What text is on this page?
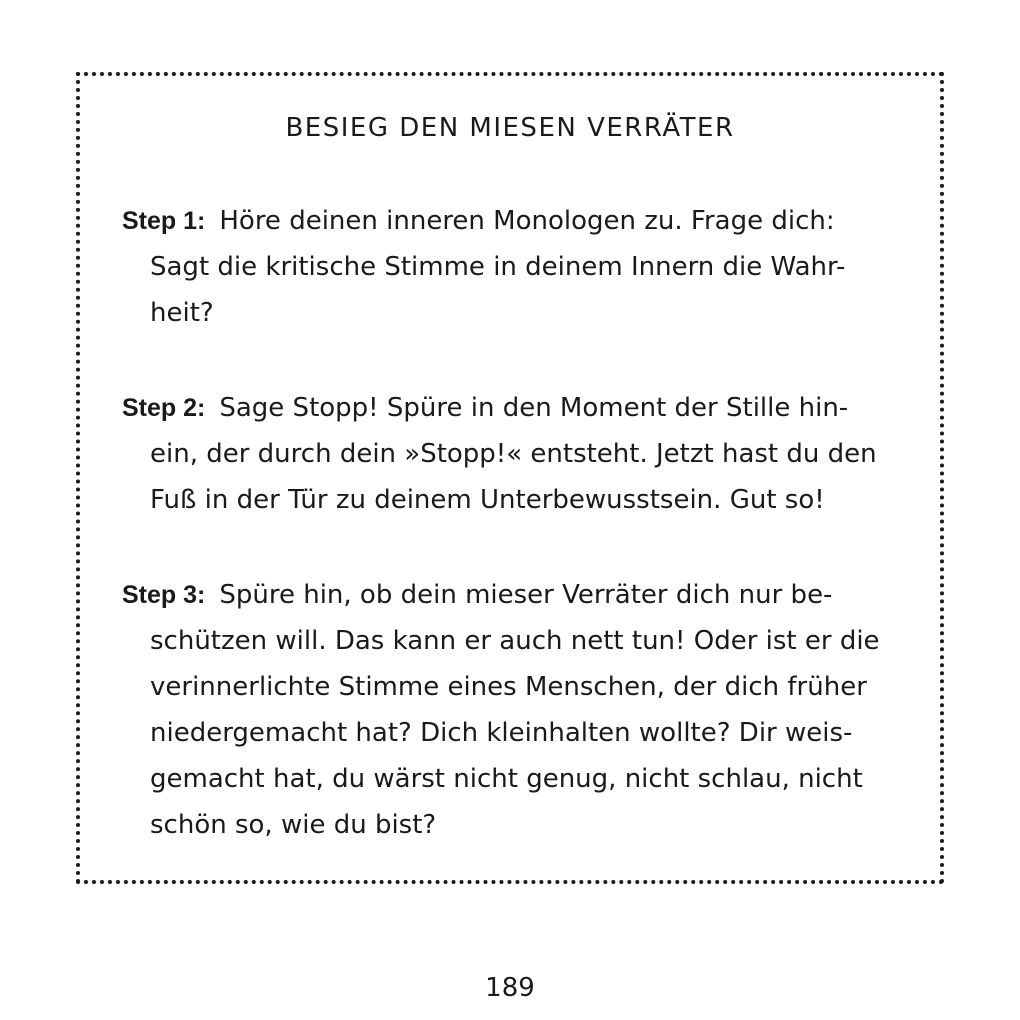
BESIEG DEN MIESEN VERRÄTER
Step 1: Höre deinen inneren Monologen zu. Frage dich:
Sagt die kritische Stimme in deinem Innern die Wahr-
heit?
Step 2: Sage Stopp! Spüre in den Moment der Stille hin-
ein, der durch dein »Stopp!« entsteht. Jetzt hast du den
Fuß in der Tür zu deinem Unterbewusstsein. Gut so!
Step 3: Spüre hin, ob dein mieser Verräter dich nur be-
schützen will. Das kann er auch nett tun! Oder ist er die
verinnerlichte Stimme eines Menschen, der dich früher
niedergemacht hat? Dich kleinhalten wollte? Dir weis-
gemacht hat, du wärst nicht genug, nicht schlau, nicht
schön so, wie du bist?
189
